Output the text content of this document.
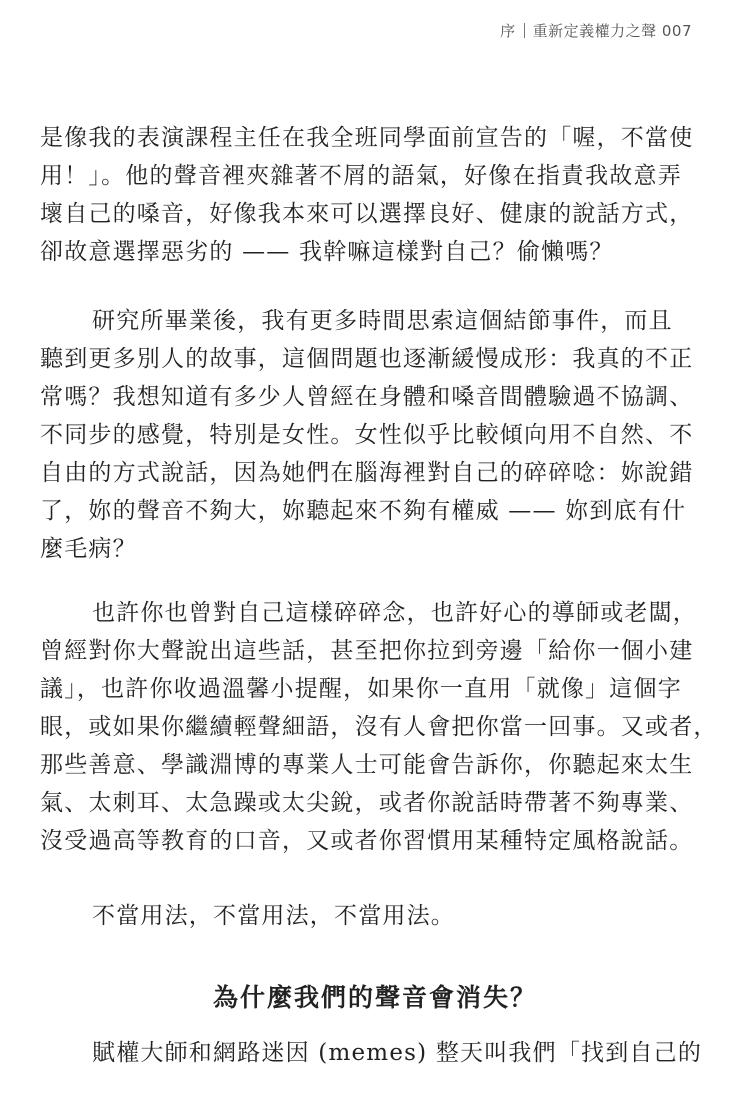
序 重新定義權力之聲 007
是像我的表演課程主任在我全班同學面前宣告的「喔，不當使
用！」。他的聲音裡夾雜著不屑的語氣，好像在指責我故意弄
壞自己的嗓音，好像我本來可以選擇良好、健康的說話方式，
卻故意選擇惡劣的 —— 我幹嘛這樣對自己？偷懶嗎？
研究所畢業後，我有更多時間思索這個結節事件，而且
聽到更多別人的故事，這個問題也逐漸緩慢成形：我真的不正
常嗎？我想知道有多少人曾經在身體和嗓音間體驗過不協調、
不同步的感覺，特別是女性。女性似乎比較傾向用不自然、不
自由的方式說話，因為她們在腦海裡對自己的碎碎唸：妳說錯
了，妳的聲音不夠大，妳聽起來不夠有權威 —— 妳到底有什
麼毛病？
也許你也曾對自己這樣碎碎念，也許好心的導師或老闆，
曾經對你大聲說出這些話，甚至把你拉到旁邊「給你一個小建
議」，也許你收過溫馨小提醒，如果你一直用「就像」這個字
眼，或如果你繼續輕聲細語，沒有人會把你當一回事。又或者，
那些善意、學識淵博的專業人士可能會告訴你，你聽起來太生
氣、太刺耳、太急躁或太尖銳，或者你說話時帶著不夠專業、
沒受過高等教育的口音，又或者你習慣用某種特定風格說話。
不當用法，不當用法，不當用法。
為什麼我們的聲音會消失？
賦權大師和網路迷因 (memes) 整天叫我們「找到自己的
